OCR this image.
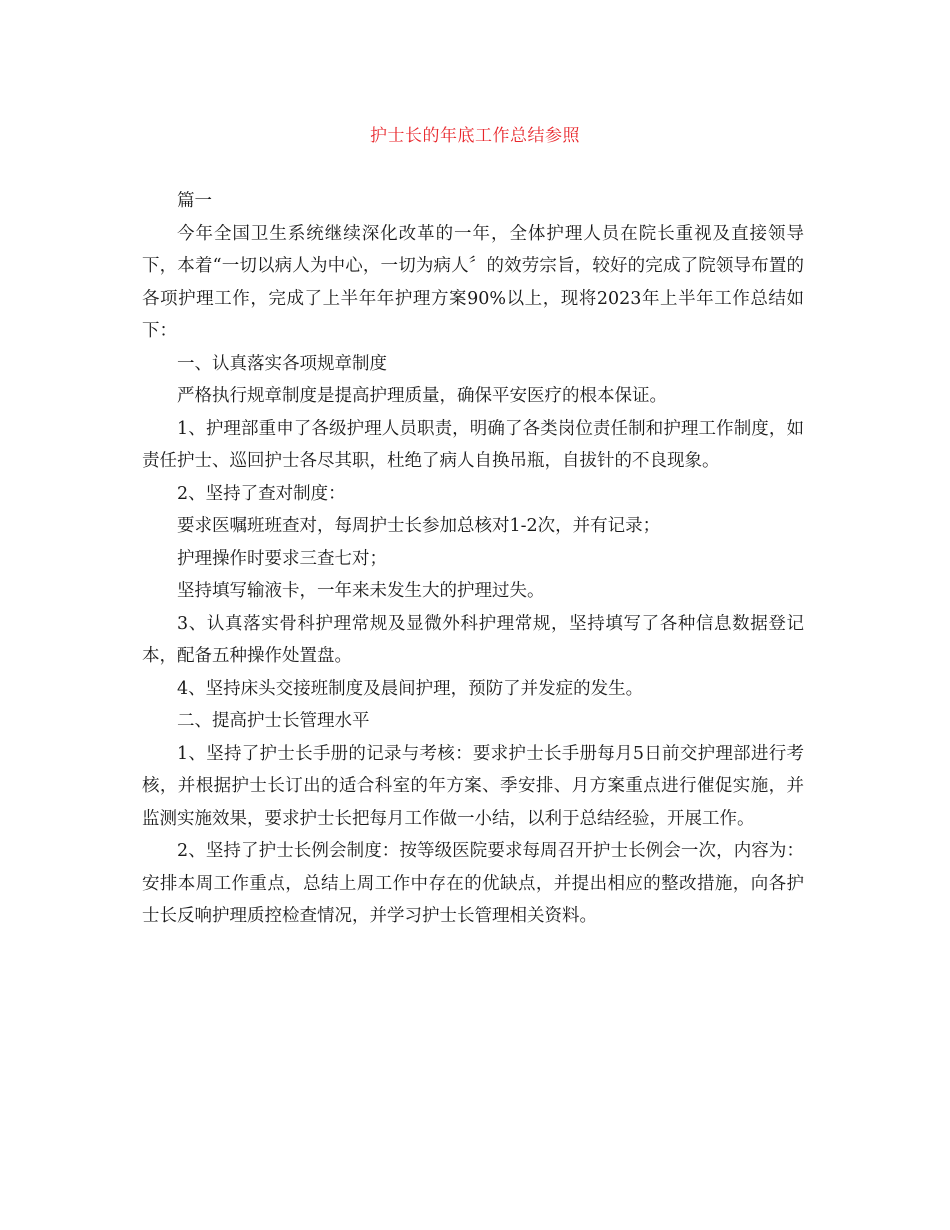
护士长的年底工作总结参照

篇一

今年全国卫生系统继续深化改革的一年，全体护理人员在院长重视及直接领导下，本着“一切以病人为中心，一切为病人〞的效劳宗旨，较好的完成了院领导布置的各项护理工作，完成了上半年年护理方案90%以上，现将2023年上半年工作总结如下：

一、认真落实各项规章制度

严格执行规章制度是提高护理质量，确保平安医疗的根本保证。

1、护理部重申了各级护理人员职责，明确了各类岗位责任制和护理工作制度，如责任护士、巡回护士各尽其职，杜绝了病人自换吊瓶，自拔针的不良现象。

2、坚持了查对制度：

要求医嘱班班查对，每周护士长参加总核对1-2次，并有记录；

护理操作时要求三查七对；

坚持填写输液卡，一年来未发生大的护理过失。

3、认真落实骨科护理常规及显微外科护理常规，坚持填写了各种信息数据登记本，配备五种操作处置盘。

4、坚持床头交接班制度及晨间护理，预防了并发症的发生。

二、提高护士长管理水平

1、坚持了护士长手册的记录与考核：要求护士长手册每月5日前交护理部进行考核，并根据护士长订出的适合科室的年方案、季安排、月方案重点进行催促实施，并监测实施效果，要求护士长把每月工作做一小结，以利于总结经验，开展工作。

2、坚持了护士长例会制度：按等级医院要求每周召开护士长例会一次，内容为：安排本周工作重点，总结上周工作中存在的优缺点，并提出相应的整改措施，向各护士长反响护理质控检查情况，并学习护士长管理相关资料。
